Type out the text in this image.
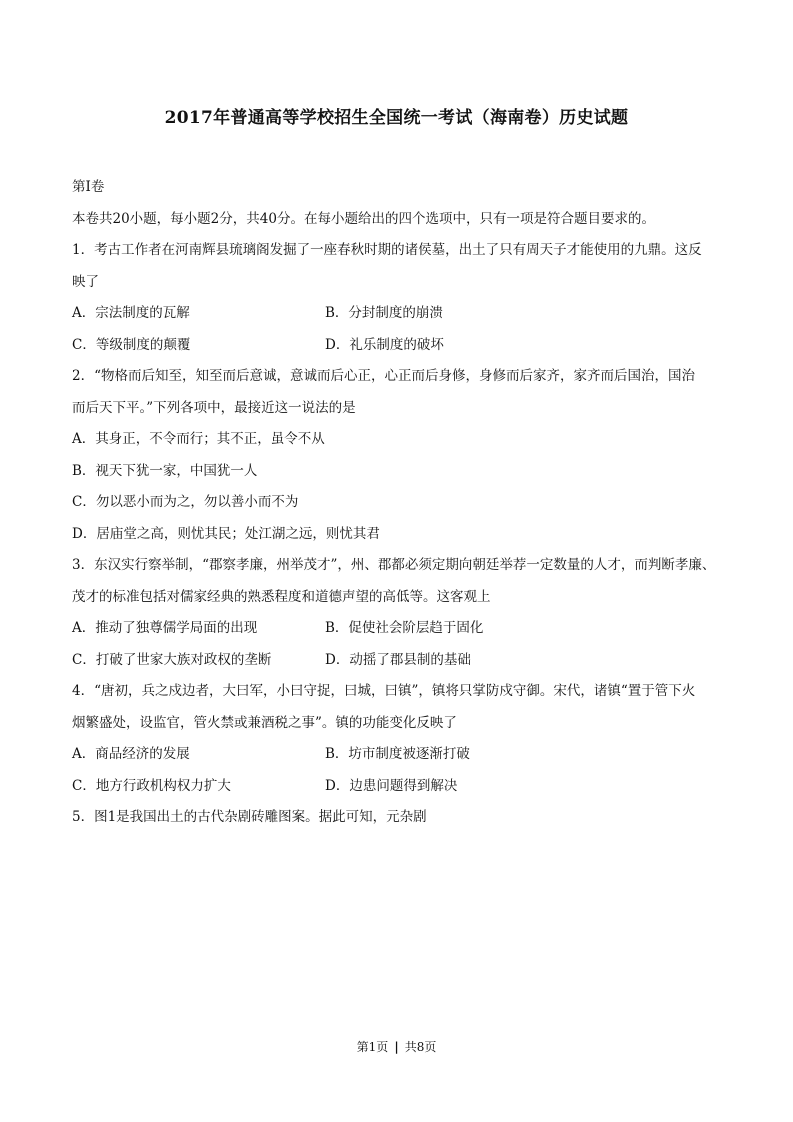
2017年普通高等学校招生全国统一考试（海南卷）历史试题
第Ⅰ卷
本卷共20小题，每小题2分，共40分。在每小题给出的四个选项中，只有一项是符合题目要求的。
1．考古工作者在河南辉县琉璃阁发掘了一座春秋时期的诸侯墓，出土了只有周天子才能使用的九鼎。这反
映了
A．宗法制度的瓦解	B．分封制度的崩溃
C．等级制度的颠覆	D．礼乐制度的破坏
2．“物格而后知至，知至而后意诚，意诚而后心正，心正而后身修，身修而后家齐，家齐而后国治，国治
而后天下平。”下列各项中，最接近这一说法的是
A．其身正，不令而行；其不正，虽令不从
B．视天下犹一家，中国犹一人
C．勿以恶小而为之，勿以善小而不为
D．居庙堂之高，则忧其民；处江湖之远，则忧其君
3．东汉实行察举制，“郡察孝廉，州举茂才”，州、郡都必须定期向朝廷举荐一定数量的人才，而判断孝廉、
茂才的标准包括对儒家经典的熟悉程度和道德声望的高低等。这客观上
A．推动了独尊儒学局面的出现	B．促使社会阶层趋于固化
C．打破了世家大族对政权的垄断	D．动摇了郡县制的基础
4．“唐初，兵之戍边者，大曰军，小曰守捉，曰城，曰镇”，镇将只掌防戍守御。宋代，诸镇“置于管下火
烟繁盛处，设监官，管火禁或兼酒税之事”。镇的功能变化反映了
A．商品经济的发展	B．坊市制度被逐渐打破
C．地方行政机构权力扩大	D．边患问题得到解决
5．图1是我国出土的古代杂剧砖雕图案。据此可知，元杂剧
第1页 | 共8页
